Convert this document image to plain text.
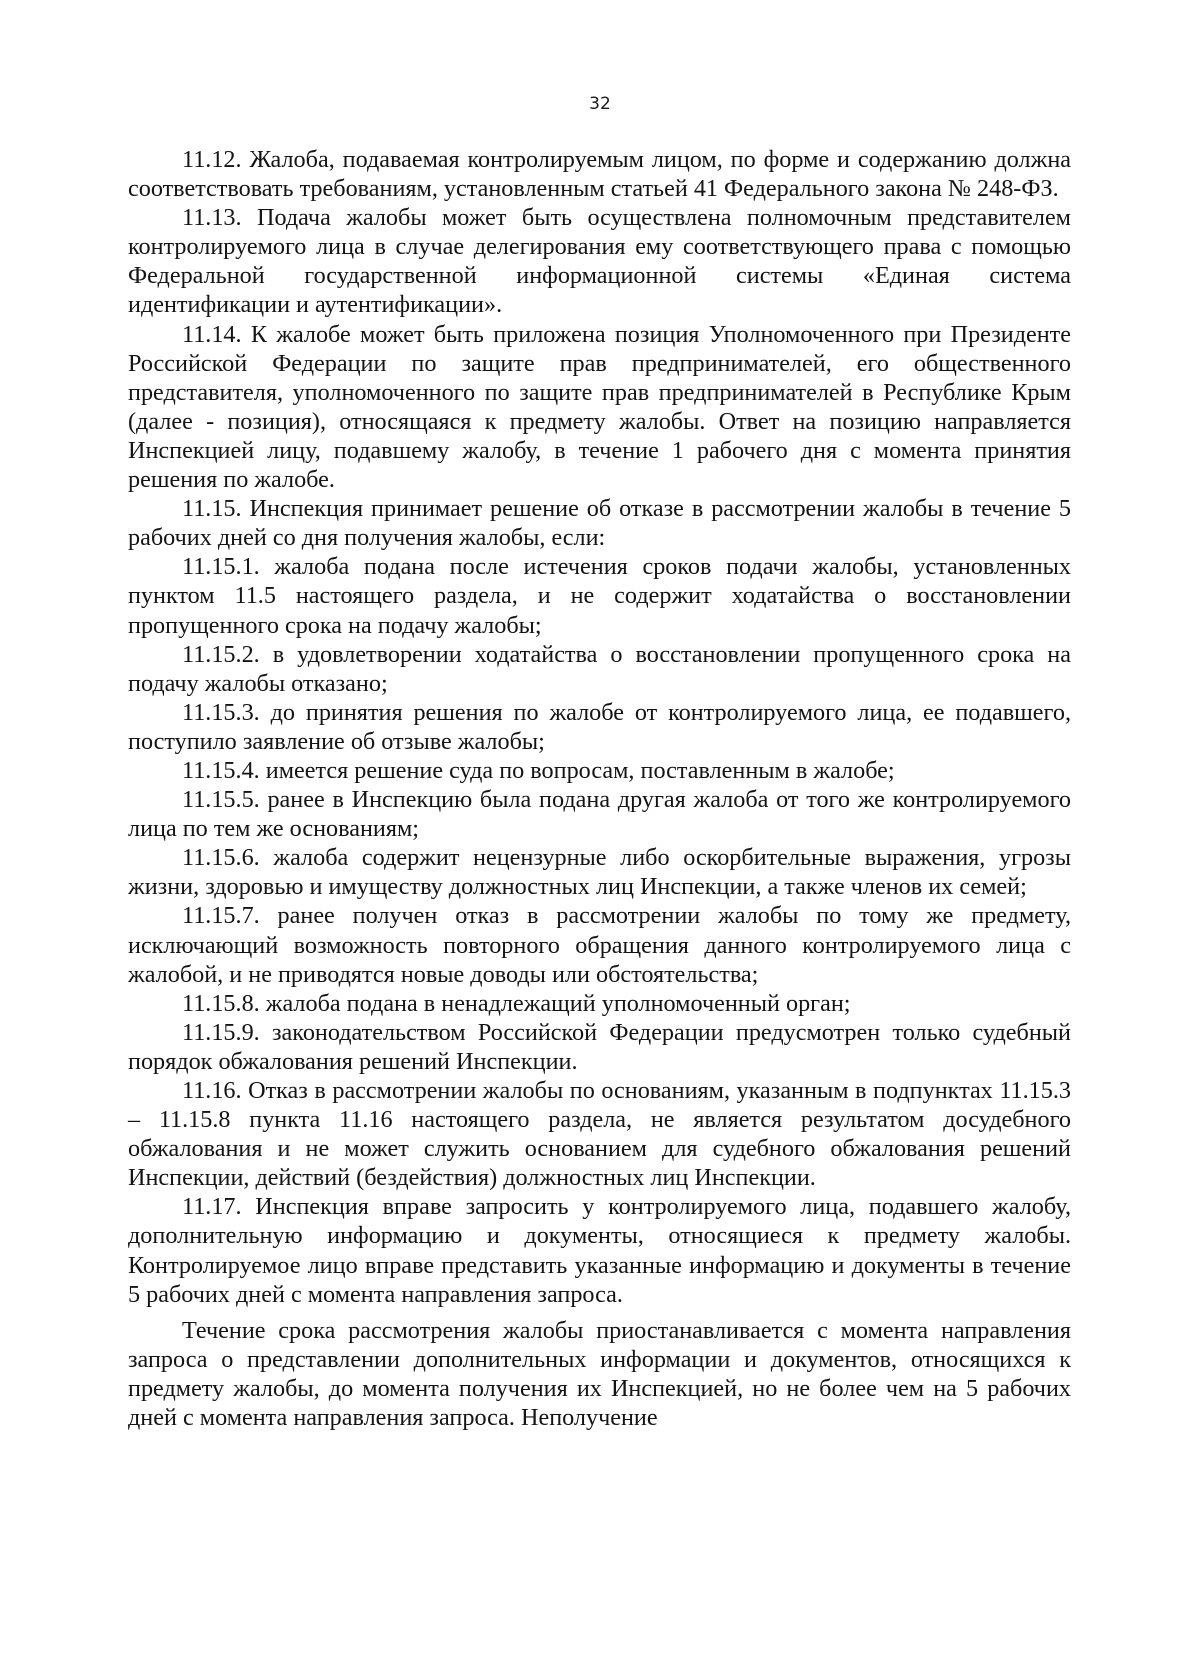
32

11.12. Жалоба, подаваемая контролируемым лицом, по форме и содержанию должна соответствовать требованиям, установленным статьей 41 Федерального закона № 248-ФЗ.

11.13. Подача жалобы может быть осуществлена полномочным представителем контролируемого лица в случае делегирования ему соответствующего права с помощью Федеральной государственной информационной системы «Единая система идентификации и аутентификации».

11.14. К жалобе может быть приложена позиция Уполномоченного при Президенте Российской Федерации по защите прав предпринимателей, его общественного представителя, уполномоченного по защите прав предпринимателей в Республике Крым (далее - позиция), относящаяся к предмету жалобы. Ответ на позицию направляется Инспекцией лицу, подавшему жалобу, в течение 1 рабочего дня с момента принятия решения по жалобе.

11.15. Инспекция принимает решение об отказе в рассмотрении жалобы в течение 5 рабочих дней со дня получения жалобы, если:

11.15.1. жалоба подана после истечения сроков подачи жалобы, установленных пунктом 11.5 настоящего раздела, и не содержит ходатайства о восстановлении пропущенного срока на подачу жалобы;

11.15.2. в удовлетворении ходатайства о восстановлении пропущенного срока на подачу жалобы отказано;

11.15.3. до принятия решения по жалобе от контролируемого лица, ее подавшего, поступило заявление об отзыве жалобы;

11.15.4. имеется решение суда по вопросам, поставленным в жалобе;

11.15.5. ранее в Инспекцию была подана другая жалоба от того же контролируемого лица по тем же основаниям;

11.15.6. жалоба содержит нецензурные либо оскорбительные выражения, угрозы жизни, здоровью и имуществу должностных лиц Инспекции, а также членов их семей;

11.15.7. ранее получен отказ в рассмотрении жалобы по тому же предмету, исключающий возможность повторного обращения данного контролируемого лица с жалобой, и не приводятся новые доводы или обстоятельства;

11.15.8. жалоба подана в ненадлежащий уполномоченный орган;

11.15.9. законодательством Российской Федерации предусмотрен только судебный порядок обжалования решений Инспекции.

11.16. Отказ в рассмотрении жалобы по основаниям, указанным в подпунктах 11.15.3 – 11.15.8 пункта 11.16 настоящего раздела, не является результатом досудебного обжалования и не может служить основанием для судебного обжалования решений Инспекции, действий (бездействия) должностных лиц Инспекции.

11.17. Инспекция вправе запросить у контролируемого лица, подавшего жалобу, дополнительную информацию и документы, относящиеся к предмету жалобы. Контролируемое лицо вправе представить указанные информацию и документы в течение 5 рабочих дней с момента направления запроса.

Течение срока рассмотрения жалобы приостанавливается с момента направления запроса о представлении дополнительных информации и документов, относящихся к предмету жалобы, до момента получения их Инспекцией, но не более чем на 5 рабочих дней с момента направления запроса. Неполучение
